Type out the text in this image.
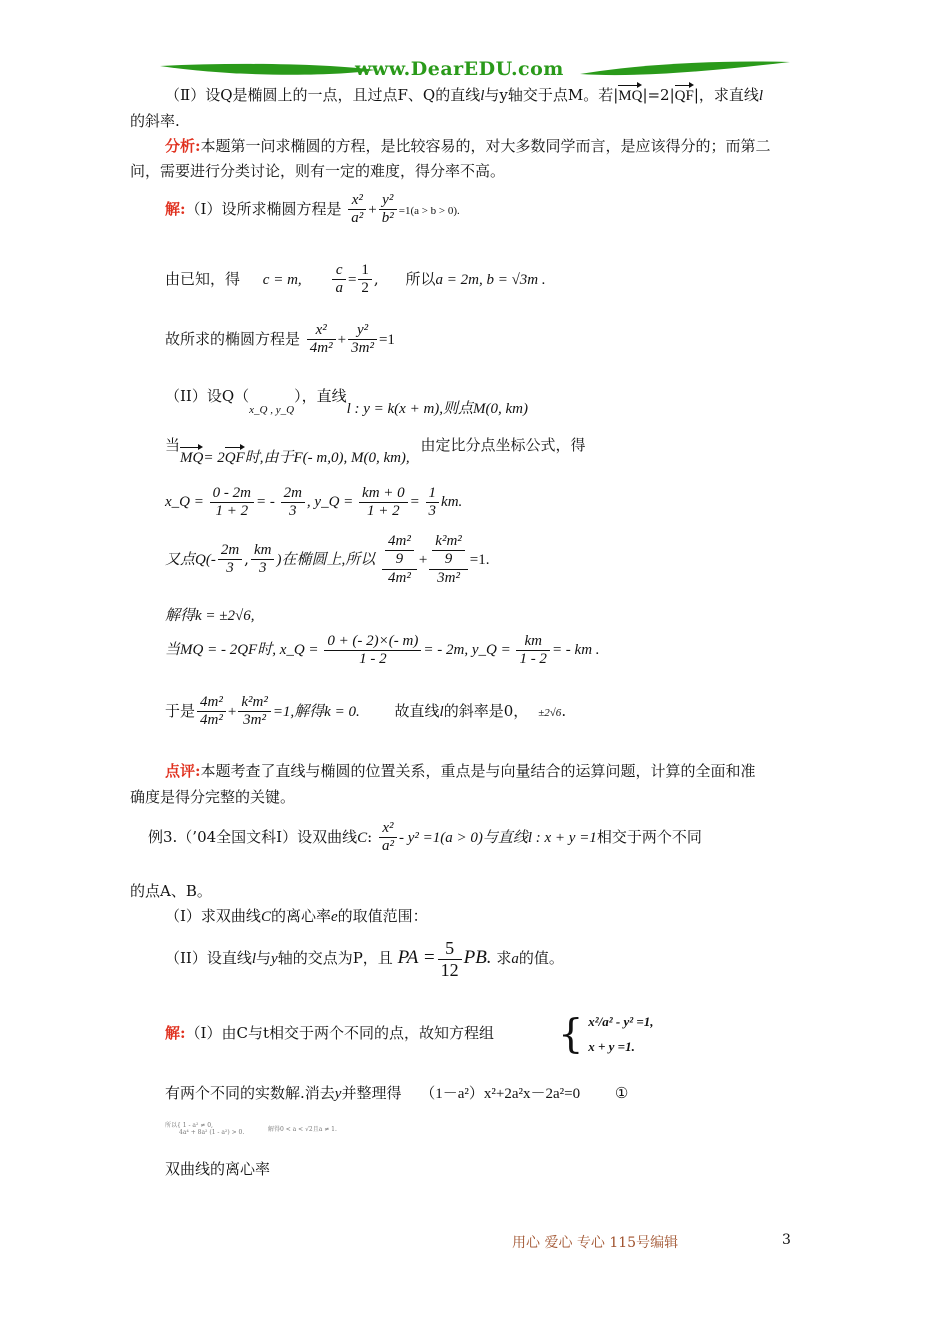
www.DearEDU.com
（Ⅱ）设Q是椭圆上的一点，且过点F、Q的直线l与y轴交于点M。若|MQ|=2|QF|，求直线l
的斜率.
分析:本题第一问求椭圆的方程，是比较容易的，对大多数同学而言，是应该得分的；而第二
问，需要进行分类讨论，则有一定的难度，得分率不高。
解:（I）设所求椭圆方程是 $\frac{\text{x²}}{\text{a²}} + \frac{\text{y²}}{\text{b²}} =1(a > b > 0)$.
由已知，得 c = m, $\frac{c}{a} = \frac{1}{2}$ , 所以a = 2m, b = √3m .
故所求的椭圆方程是 $\frac{\text{x²}}{\text{4m²}} + \frac{\text{y²}}{\text{3m²}} =1$
（II）设$Q(_{x\_Q , y\_Q})$，直线l : y = k(x + m),则点M(0, km)
当MQ= 2QF时,由于F(- m,0), M(0, km), 由定比分点坐标公式，得
x_Q = $\frac{0 - 2m}{1 + 2}$ = - $\frac{2m}{3}$ , y_Q = $\frac{km + 0}{1 + 2} = \frac{1}{3}$ km.
又点$Q(- \frac{2m}{3}$ , $\frac{km}{3}$ )在椭圆上,所以 $\frac{\frac{\text{4m²}}{9}}{\text{4m²}} + \frac{\frac{\text{k²m²}}{9}}{\text{3m²}} =1$.
解得k = ±2√6,
当MQ = - 2QF时, x_Q = $\frac{0 + (- 2)\times(- m)}{1 - 2}$ = - 2m, y_Q = $\frac{km}{1 - 2}$ = - km .
于是 $\frac{\text{4m²}}{\text{4m²}} + \frac{\text{k²m²}}{\text{3m²}} =1$,解得k = 0. 故直线l的斜率是0， ±2√6.
点评:本题考查了直线与椭圆的位置关系，重点是与向量结合的运算问题，计算的全面和准
确度是得分完整的关键。
例3.（’04全国文科Ⅰ）设双曲线C: $\frac{\text{x²}}{\text{a²}} - y^2 =1(a > 0)$与直线l : x + y =1相交于两个不同
的点A、B。
（I）求双曲线C的离心率e的取值范围：
（II）设直线l与y轴的交点为P，且 PA = $\frac{5}{12}$ PB. 求a的值。
解:（I）由C与t相交于两个不同的点，故知方程组 { x²/a² - y² =1,
x + y =1.
有两个不同的实数解.消去y并整理得 （1－a²）x²+2a²x－2a²=0 ①
所以{ 1 - a² ≠ 0,
4a⁴ + 8a² (1 - a²) > 0.	解得0 < a < √2且a ≠ 1.
双曲线的离心率
用心 爱心 专心 115号编辑	3
